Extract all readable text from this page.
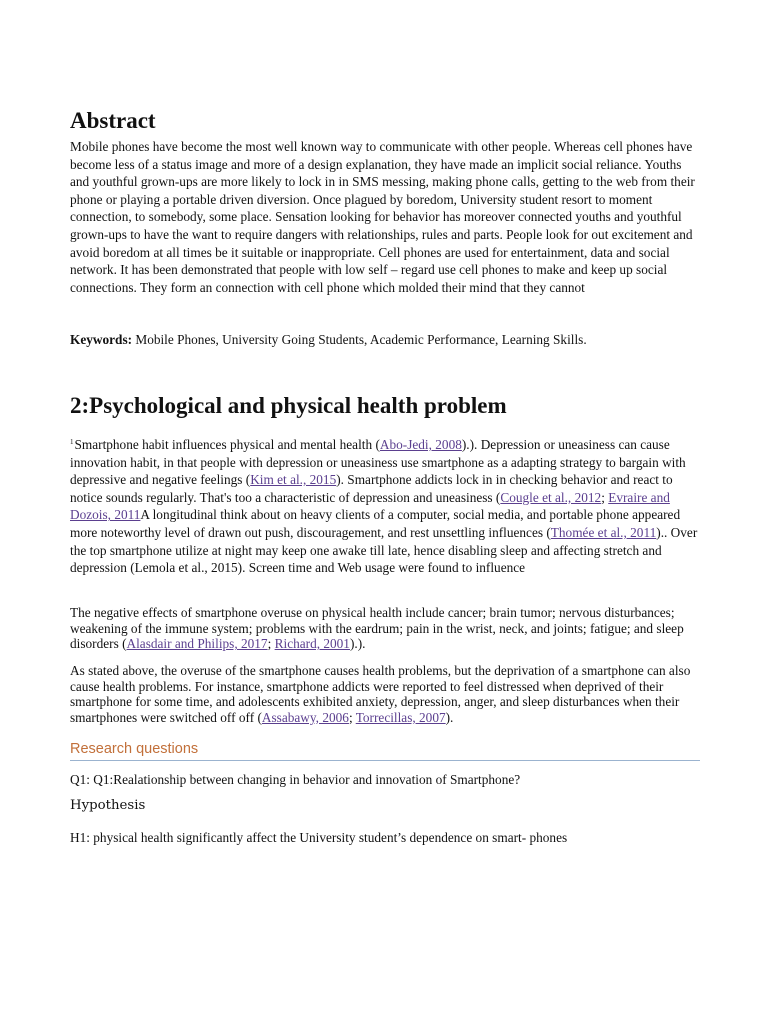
Abstract

Mobile phones have become the most well known way to communicate with other people. Whereas cell phones have become less of a status image and more of a design explanation, they have made an implicit social reliance. Youths and youthful grown-ups are more likely to lock in in SMS messing, making phone calls, getting to the web from their phone or playing a portable driven diversion. Once plagued by boredom, University student resort to moment connection, to somebody, some place. Sensation looking for behavior has moreover connected youths and youthful grown-ups to have the want to require dangers with relationships, rules and parts. People look for out excitement and avoid boredom at all times be it suitable or inappropriate. Cell phones are used for entertainment, data and social network. It has been demonstrated that people with low self – regard use cell phones to make and keep up social connections. They form an connection with cell phone which molded their mind that they cannot

Keywords: Mobile Phones, University Going Students, Academic Performance, Learning Skills.

2:Psychological and physical health problem

$^1$Smartphone habit influences physical and mental health (Abo-Jedi, 2008).). Depression or uneasiness can cause innovation habit, in that people with depression or uneasiness use smartphone as a adapting strategy to bargain with depressive and negative feelings (Kim et al., 2015). Smartphone addicts lock in in checking behavior and react to notice sounds regularly. That's too a characteristic of depression and uneasiness (Cougle et al., 2012; Evraire and Dozois, 2011A longitudinal think about on heavy clients of a computer, social media, and portable phone appeared more noteworthy level of drawn out push, discouragement, and rest unsettling influences (Thomée et al., 2011).. Over the top smartphone utilize at night may keep one awake till late, hence disabling sleep and affecting stretch and depression (Lemola et al., 2015). Screen time and Web usage were found to influence

The negative effects of smartphone overuse on physical health include cancer; brain tumor; nervous disturbances; weakening of the immune system; problems with the eardrum; pain in the wrist, neck, and joints; fatigue; and sleep disorders (Alasdair and Philips, 2017; Richard, 2001).).

As stated above, the overuse of the smartphone causes health problems, but the deprivation of a smartphone can also cause health problems. For instance, smartphone addicts were reported to feel distressed when deprived of their smartphone for some time, and adolescents exhibited anxiety, depression, anger, and sleep disturbances when their smartphones were switched off off (Assabawy, 2006; Torrecillas, 2007).

Research questions

Q1: Q1:Realationship between changing in behavior and innovation of Smartphone?

Hypothesis

H1: physical health significantly affect the University student’s dependence on smart- phones
